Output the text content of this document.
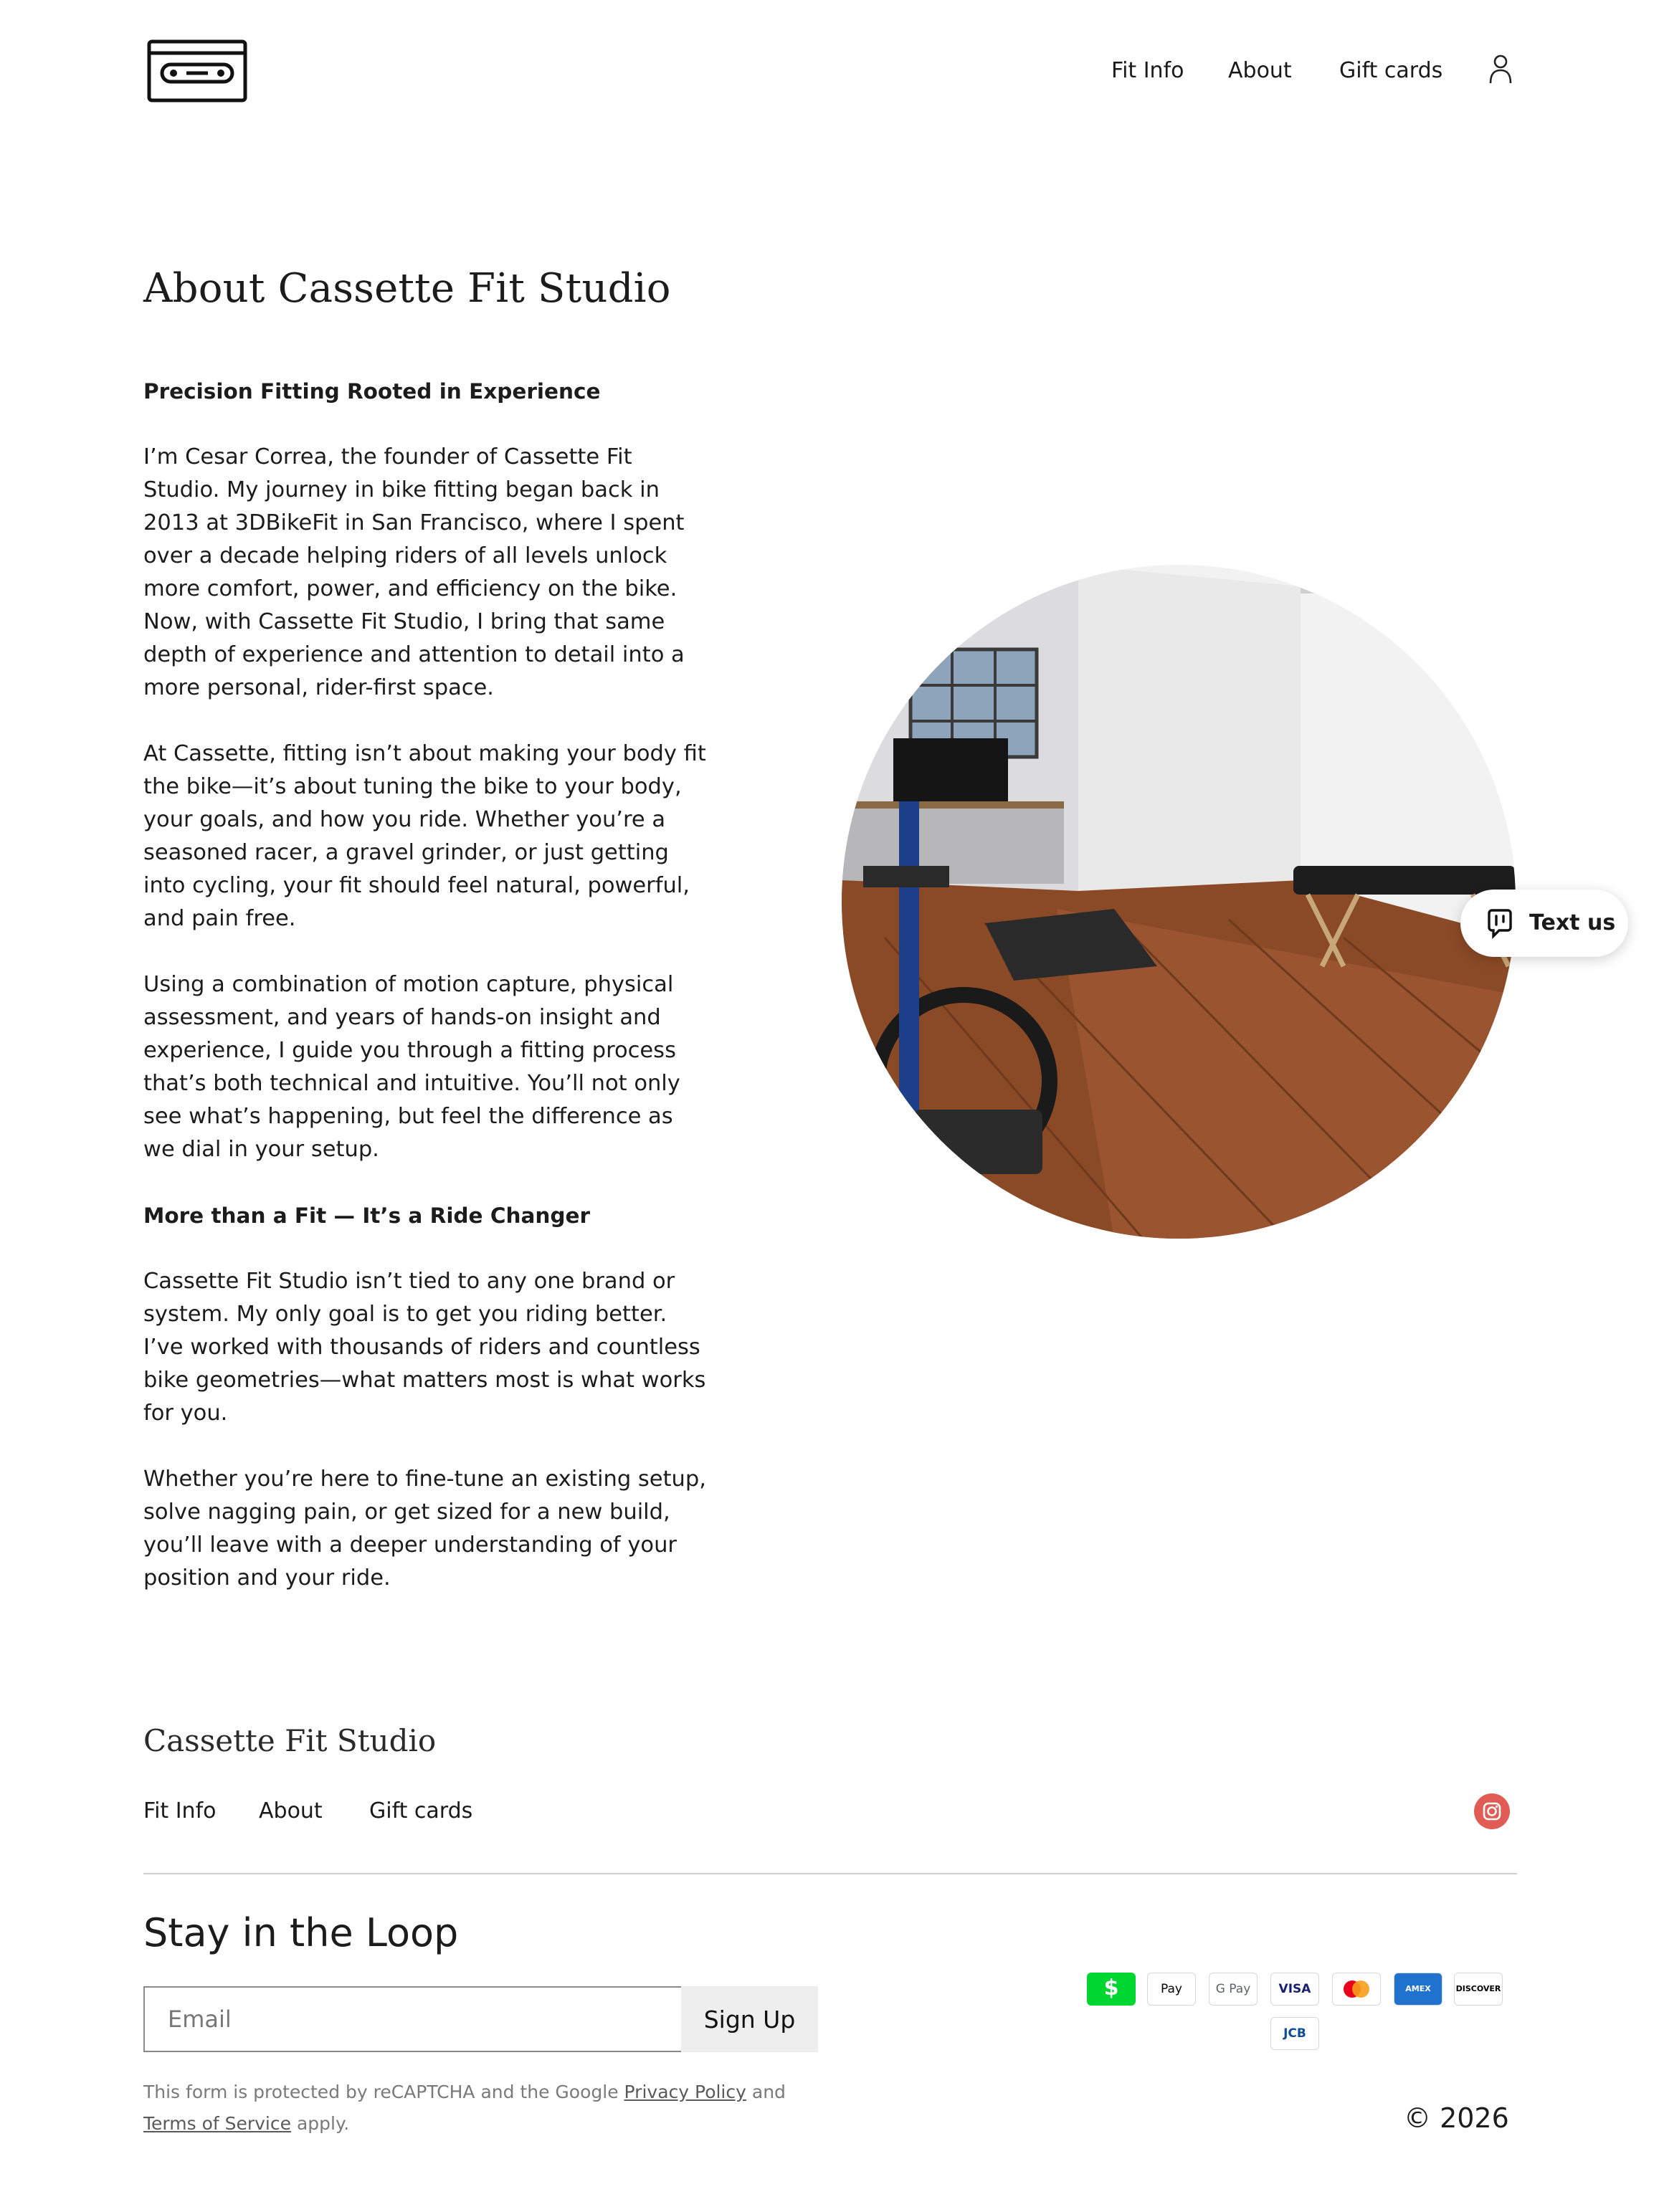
Fit Info About Gift cards
About Cassette Fit Studio

Precision Fitting Rooted in Experience

I’m Cesar Correa, the founder of Cassette Fit Studio. My journey in bike fitting began back in 2013 at 3DBikeFit in San Francisco, where I spent over a decade helping riders of all levels unlock more comfort, power, and efficiency on the bike. Now, with Cassette Fit Studio, I bring that same depth of experience and attention to detail into a more personal, rider-first space.

At Cassette, fitting isn’t about making your body fit the bike—it’s about tuning the bike to your body, your goals, and how you ride. Whether you’re a seasoned racer, a gravel grinder, or just getting into cycling, your fit should feel natural, powerful, and pain free.

Using a combination of motion capture, physical assessment, and years of hands-on insight and experience, I guide you through a fitting process that’s both technical and intuitive. You’ll not only see what’s happening, but feel the difference as we dial in your setup.

More than a Fit — It’s a Ride Changer

Cassette Fit Studio isn’t tied to any one brand or system. My only goal is to get you riding better. I’ve worked with thousands of riders and countless bike geometries—what matters most is what works for you.

Whether you’re here to fine-tune an existing setup, solve nagging pain, or get sized for a new build, you’ll leave with a deeper understanding of your position and your ride.

Text us
Cassette Fit Studio
Fit Info About Gift cards
Stay in the Loop
Email
Sign Up
This form is protected by reCAPTCHA and the Google Privacy Policy and Terms of Service apply.
$	Pay	G Pay	VISA	AMEX	DISCOVER
JCB
© 2026
